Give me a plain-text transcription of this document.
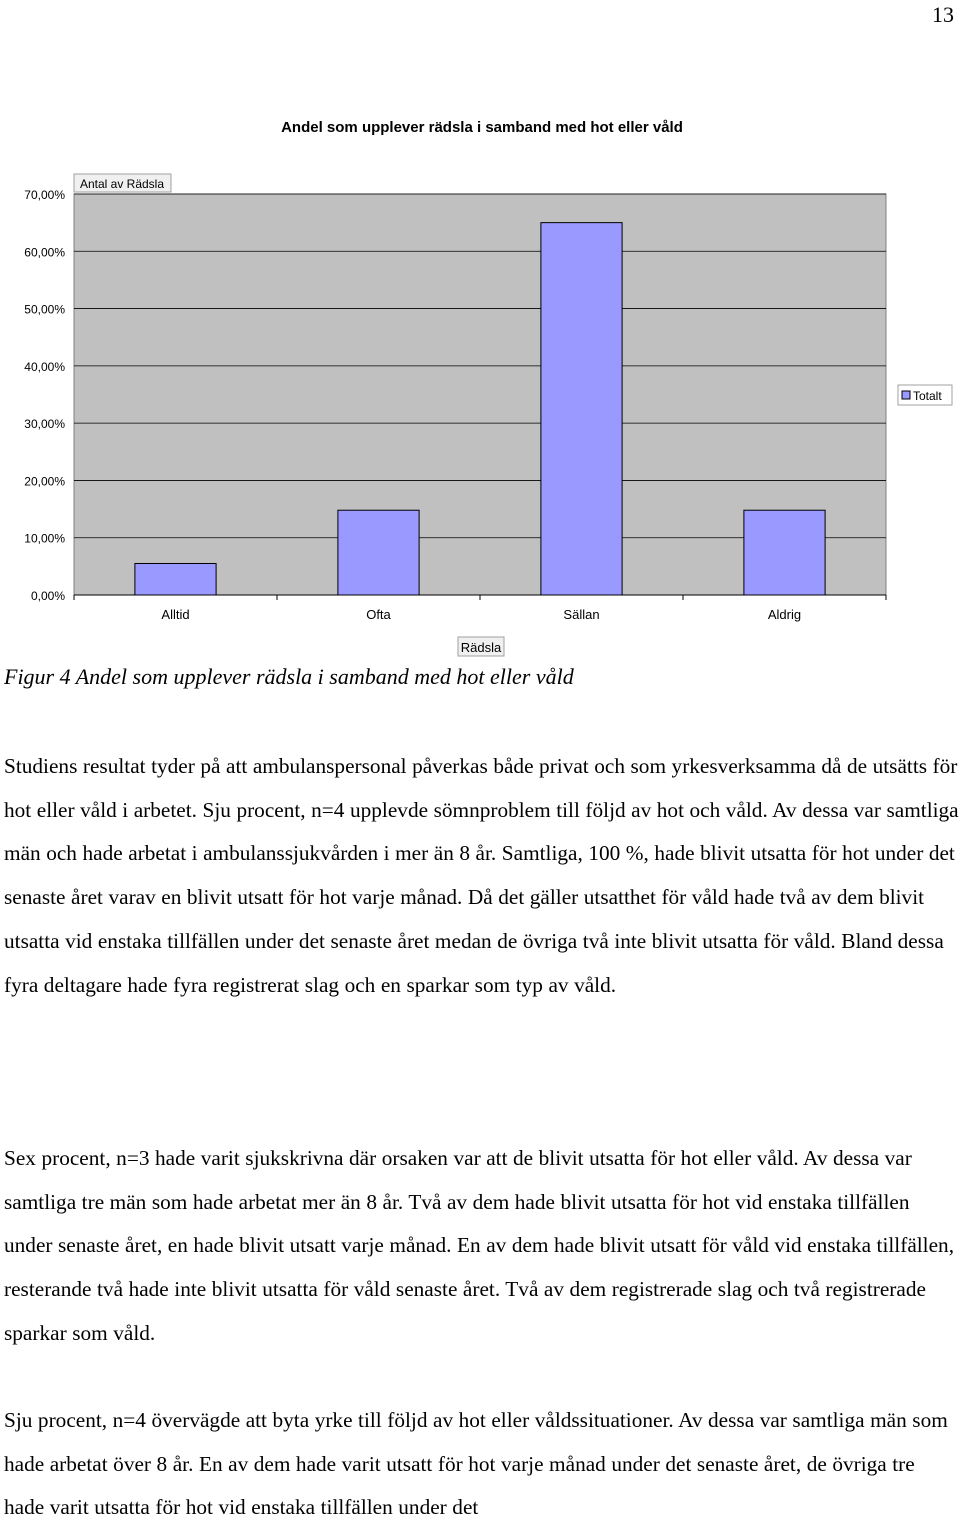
13
Andel som upplever rädsla i samband med hot eller våld
0,00%
10,00%
20,00%
30,00%
40,00%
50,00%
60,00%
70,00%
Alltid	Ofta	Sällan	Aldrig
Antal av Rädsla
Totalt
Rädsla
Figur 4 Andel som upplever rädsla i samband med hot eller våld

Studiens resultat tyder på att ambulanspersonal påverkas både privat och som yrkesverksamma då de utsätts för hot eller våld i arbetet. Sju procent, n=4 upplevde sömnproblem till följd av hot och våld. Av dessa var samtliga män och hade arbetat i ambulanssjukvården i mer än 8 år. Samtliga, 100 %, hade blivit utsatta för hot under det senaste året varav en blivit utsatt för hot varje månad. Då det gäller utsatthet för våld hade två av dem blivit utsatta vid enstaka tillfällen under det senaste året medan de övriga två inte blivit utsatta för våld. Bland dessa fyra deltagare hade fyra registrerat slag och en sparkar som typ av våld.

Sex procent, n=3 hade varit sjukskrivna där orsaken var att de blivit utsatta för hot eller våld. Av dessa var samtliga tre män som hade arbetat mer än 8 år. Två av dem hade blivit utsatta för hot vid enstaka tillfällen under senaste året, en hade blivit utsatt varje månad. En av dem hade blivit utsatt för våld vid enstaka tillfällen, resterande två hade inte blivit utsatta för våld senaste året. Två av dem registrerade slag och två registrerade sparkar som våld.

Sju procent, n=4 övervägde att byta yrke till följd av hot eller våldssituationer. Av dessa var samtliga män som hade arbetat över 8 år. En av dem hade varit utsatt för hot varje månad under det senaste året, de övriga tre hade varit utsatta för hot vid enstaka tillfällen under det
